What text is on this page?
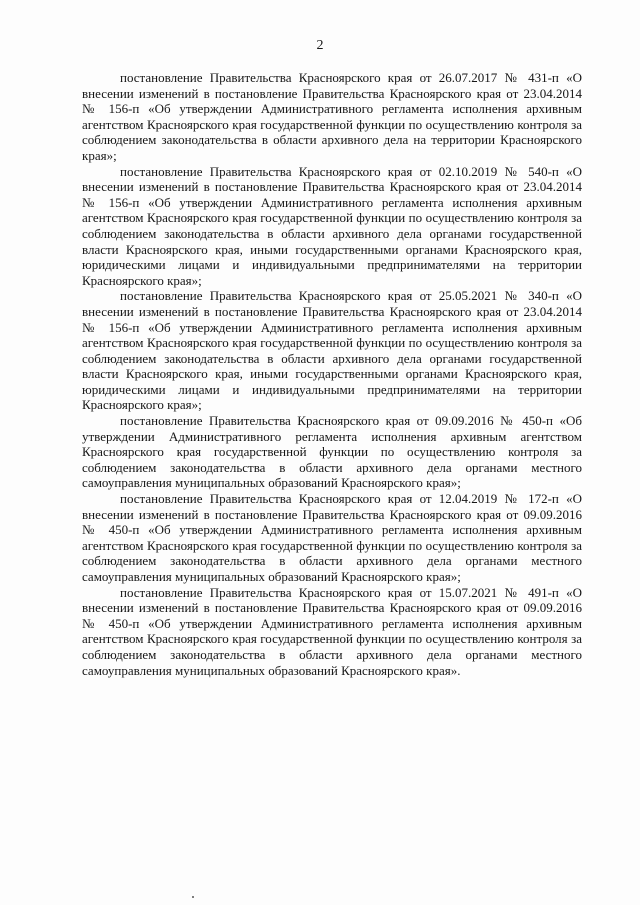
2

постановление Правительства Красноярского края от 26.07.2017 № 431-п «О внесении изменений в постановление Правительства Красноярского края от 23.04.2014 № 156-п «Об утверждении Административного регламента исполнения архивным агентством Красноярского края государственной функции по осуществлению контроля за соблюдением законодательства в области архивного дела на территории Красноярского края»;

постановление Правительства Красноярского края от 02.10.2019 № 540-п «О внесении изменений в постановление Правительства Красноярского края от 23.04.2014 № 156-п «Об утверждении Административного регламента исполнения архивным агентством Красноярского края государственной функции по осуществлению контроля за соблюдением законодательства в области архивного дела органами государственной власти Красноярского края, иными государственными органами Красноярского края, юридическими лицами и индивидуальными предпринимателями на территории Красноярского края»;

постановление Правительства Красноярского края от 25.05.2021 № 340-п «О внесении изменений в постановление Правительства Красноярского края от 23.04.2014 № 156-п «Об утверждении Административного регламента исполнения архивным агентством Красноярского края государственной функции по осуществлению контроля за соблюдением законодательства в области архивного дела органами государственной власти Красноярского края, иными государственными органами Красноярского края, юридическими лицами и индивидуальными предпринимателями на территории Красноярского края»;

постановление Правительства Красноярского края от 09.09.2016 № 450-п «Об утверждении Административного регламента исполнения архивным агентством Красноярского края государственной функции по осуществлению контроля за соблюдением законодательства в области архивного дела органами местного самоуправления муниципальных образований Красноярского края»;

постановление Правительства Красноярского края от 12.04.2019 № 172-п «О внесении изменений в постановление Правительства Красноярского края от 09.09.2016 № 450-п «Об утверждении Административного регламента исполнения архивным агентством Красноярского края государственной функции по осуществлению контроля за соблюдением законодательства в области архивного дела органами местного самоуправления муниципальных образований Красноярского края»;

постановление Правительства Красноярского края от 15.07.2021 № 491-п «О внесении изменений в постановление Правительства Красноярского края от 09.09.2016 № 450-п «Об утверждении Административного регламента исполнения архивным агентством Красноярского края государственной функции по осуществлению контроля за соблюдением законодательства в области архивного дела органами местного самоуправления муниципальных образований Красноярского края».
